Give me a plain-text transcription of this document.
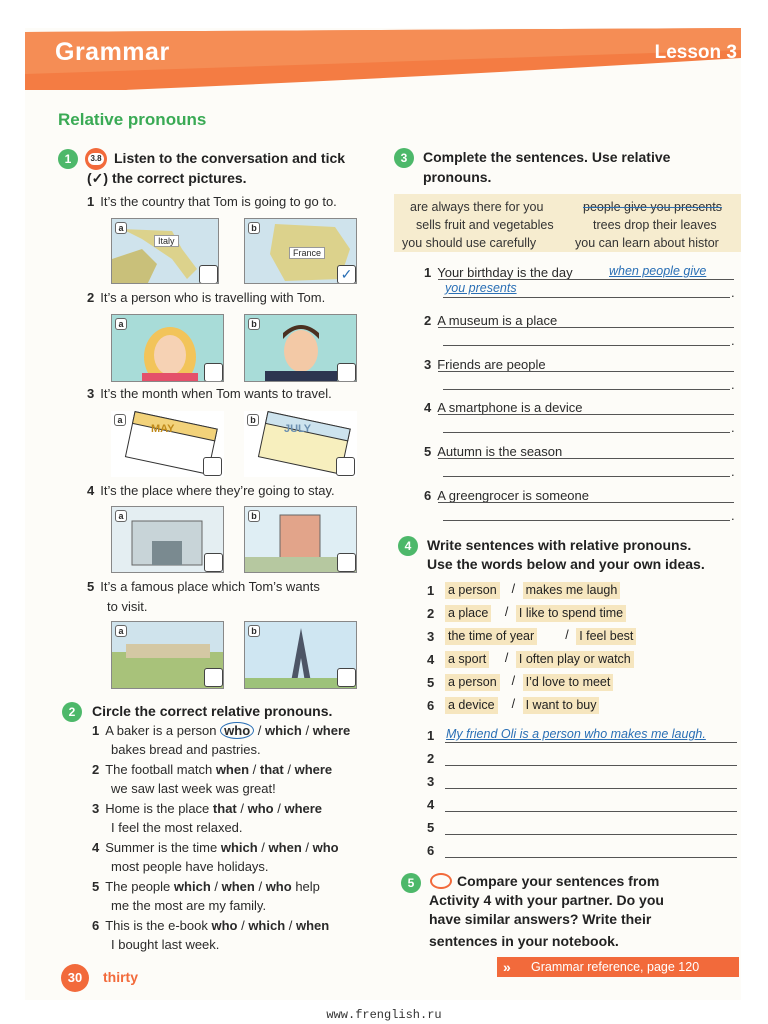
Grammar	Lesson 3
Relative pronouns
1	3.8 Listen to the conversation and tick
(✓) the correct pictures.
1 It’s the country that Tom is going to go to.
a
Italy
b
France
✓
2 It’s a person who is travelling with Tom.
a	b
3 It’s the month when Tom wants to travel.
MAY
a
JULY
b
4 It’s the place where they’re going to stay.
a	b
5 It’s a famous place which Tom’s wants
to visit.
a	b
2	Circle the correct relative pronouns.
3	Complete the sentences. Use relative
pronouns.
are always there for you	people give you presents
sells fruit and vegetables	trees drop their leaves
you should use carefully	you can learn about histor
4	Write sentences with relative pronouns.
Use the words below and your own ideas.
5	Compare your sentences from
Activity 4 with your partner. Do you
have similar answers? Write their
sentences in your notebook.
30	thirty
» Grammar reference, page 120
1 A baker is a person who / which / where
bakes bread and pastries.
2 The football match when / that / where
we saw last week was great!
3 Home is the place that / who / where
I feel the most relaxed.
4 Summer is the time which / when / who
most people have holidays.
5 The people which / when / who help
me the most are my family.
6 This is the e-book who / which / when
I bought last week.
1 Your birthday is the day
.
when people give
you presents
2 A museum is a place
.
3 Friends are people
.
4 A smartphone is a device
.
5 Autumn is the season
.
6 A greengrocer is someone
.
1 a person / makes me laugh
2 a place / I like to spend time
3 the time of year / I feel best
4 a sport / I often play or watch
5 a person / I’d love to meet
6 a device / I want to buy
1 My friend Oli is a person who makes me laugh.
2
3
4
5
6
www.frenglish.ru
